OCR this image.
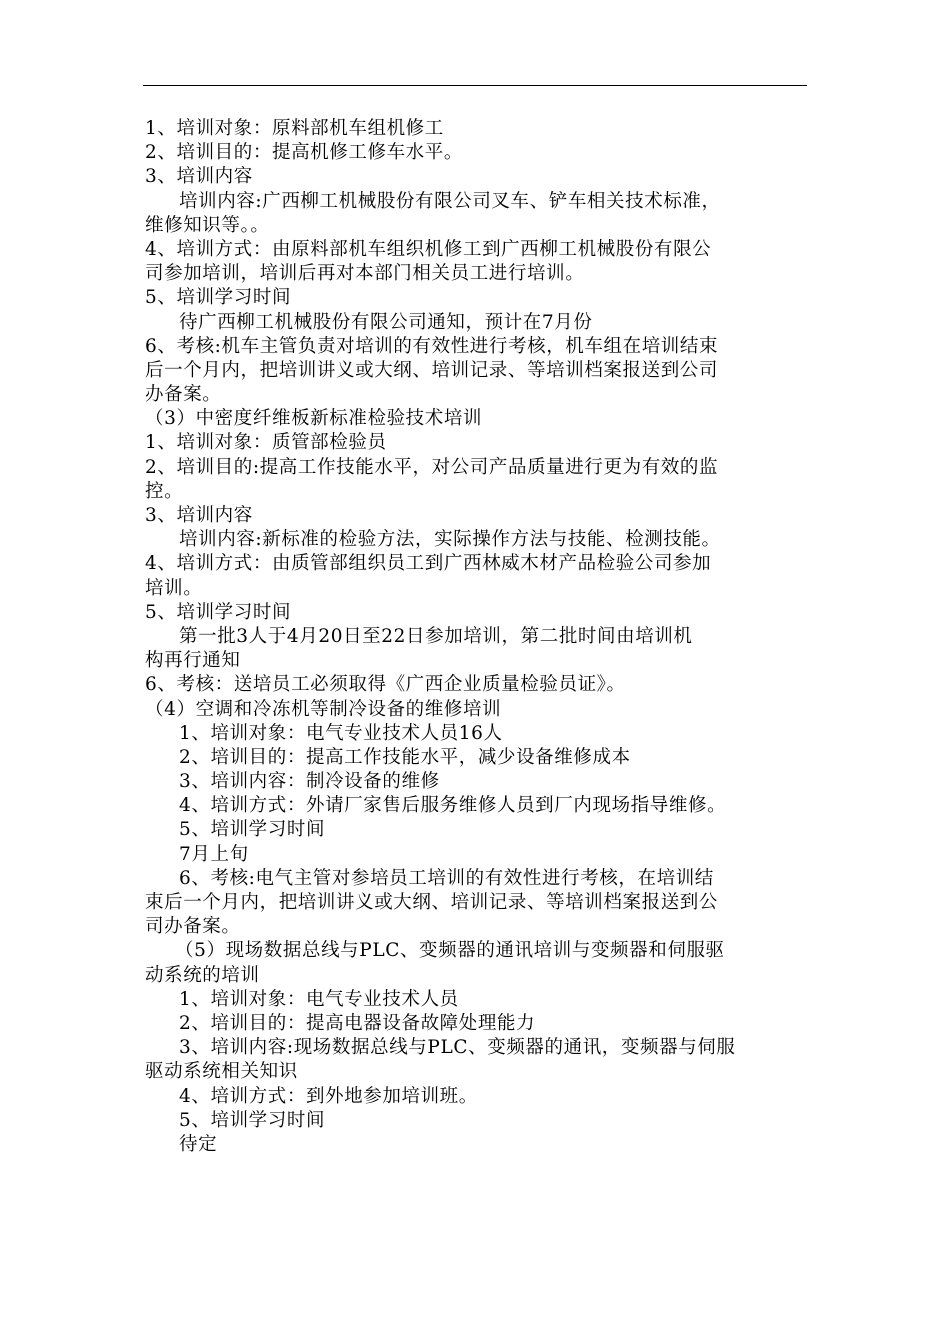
1、培训对象：原料部机车组机修工
2、培训目的：提高机修工修车水平。
3、培训内容
培训内容:广西柳工机械股份有限公司叉车、铲车相关技术标准，
维修知识等。。
4、培训方式：由原料部机车组织机修工到广西柳工机械股份有限公
司参加培训，培训后再对本部门相关员工进行培训。
5、培训学习时间
待广西柳工机械股份有限公司通知，预计在7月份
6、考核:机车主管负责对培训的有效性进行考核，机车组在培训结束
后一个月内，把培训讲义或大纲、培训记录、等培训档案报送到公司
办备案。
（3）中密度纤维板新标准检验技术培训
1、培训对象：质管部检验员
2、培训目的:提高工作技能水平，对公司产品质量进行更为有效的监
控。
3、培训内容
培训内容:新标准的检验方法，实际操作方法与技能、检测技能。
4、培训方式：由质管部组织员工到广西林威木材产品检验公司参加
培训。
5、培训学习时间
第一批3人于4月20日至22日参加培训，第二批时间由培训机
构再行通知
6、考核：送培员工必须取得《广西企业质量检验员证》。
（4）空调和冷冻机等制冷设备的维修培训
1、培训对象：电气专业技术人员16人
2、培训目的：提高工作技能水平，减少设备维修成本
3、培训内容：制冷设备的维修
4、培训方式：外请厂家售后服务维修人员到厂内现场指导维修。
5、培训学习时间
7月上旬
6、考核:电气主管对参培员工培训的有效性进行考核，在培训结
束后一个月内，把培训讲义或大纲、培训记录、等培训档案报送到公
司办备案。
（5）现场数据总线与PLC、变频器的通讯培训与变频器和伺服驱
动系统的培训
1、培训对象：电气专业技术人员
2、培训目的：提高电器设备故障处理能力
3、培训内容:现场数据总线与PLC、变频器的通讯，变频器与伺服
驱动系统相关知识
4、培训方式：到外地参加培训班。
5、培训学习时间
待定
